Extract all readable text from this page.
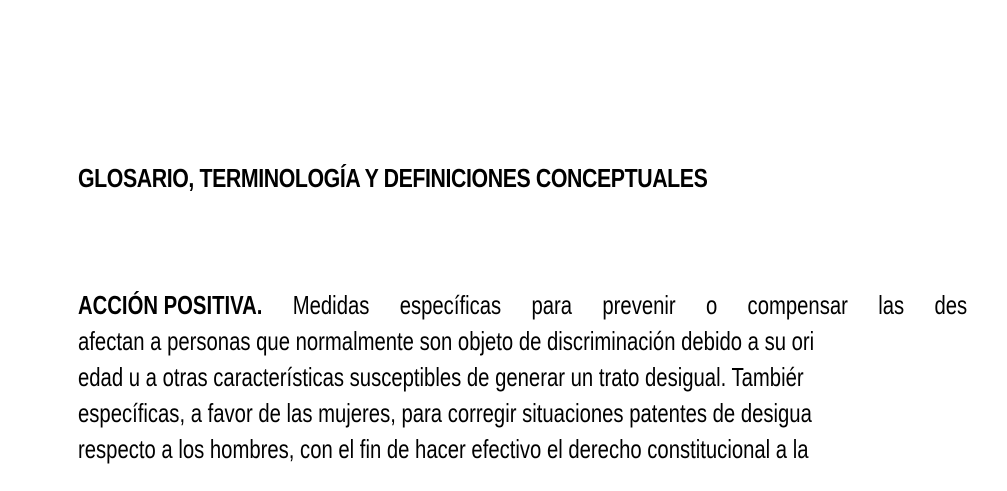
GLOSARIO, TERMINOLOGÍA Y DEFINICIONES CONCEPTUALES
ACCIÓN POSITIVA. Medidas específicas para prevenir o compensar las des

afectan a personas que normalmente son objeto de discriminación debido a su ori

edad u a otras características susceptibles de generar un trato desigual. Tambiér

específicas, a favor de las mujeres, para corregir situaciones patentes de desigua

respecto a los hombres, con el fin de hacer efectivo el derecho constitucional a la
